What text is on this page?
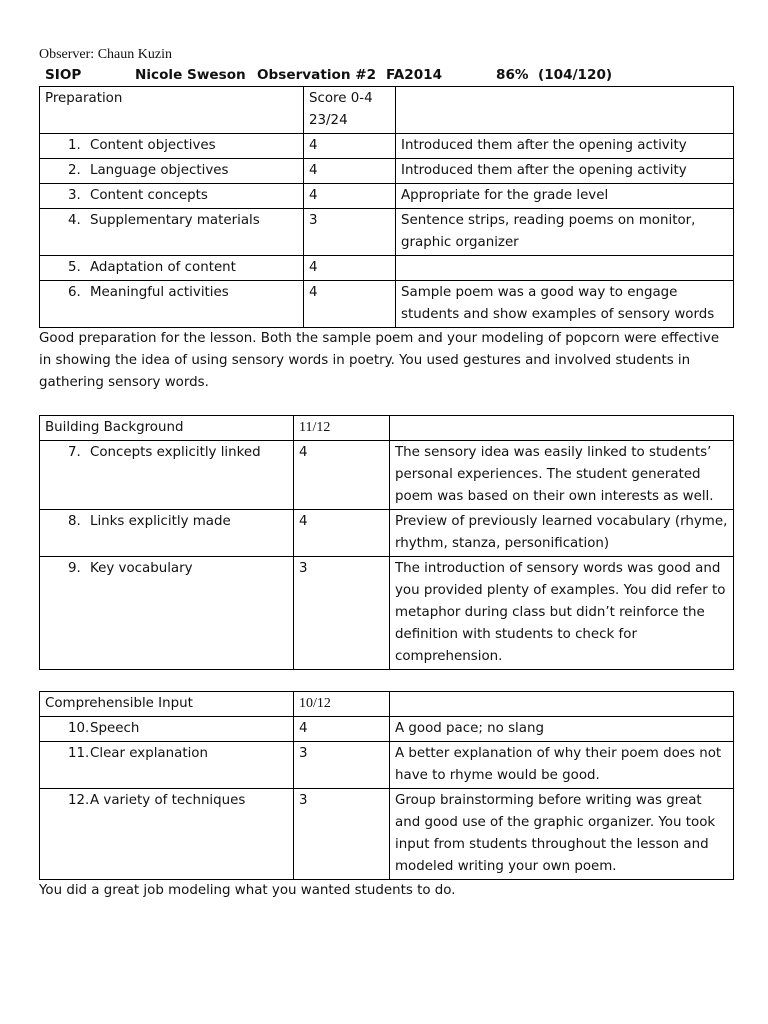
Observer: Chaun Kuzin
SIOP	Nicole Sweson Observation #2 FA2014	86%  (104/120)
Preparation	Score 0-4
23/24	

1. Content objectives	4	Introduced them after the opening activity
2. Language objectives	4	Introduced them after the opening activity
3. Content concepts	4	Appropriate for the grade level
4. Supplementary materials	3	Sentence strips, reading poems on monitor, graphic organizer
5. Adaptation of content	4	
6. Meaningful activities	4	Sample poem was a good way to engage students and show examples of sensory words

Good preparation for the lesson. Both the sample poem and your modeling of popcorn were effective in showing the idea of using sensory words in poetry. You used gestures and involved students in gathering sensory words.

Building Background	11/12	
7. Concepts explicitly linked	4	The sensory idea was easily linked to students’ personal experiences. The student generated poem was based on their own interests as well.
8. Links explicitly made	4	Preview of previously learned vocabulary (rhyme, rhythm, stanza, personification)
9. Key vocabulary	3	The introduction of sensory words was good and you provided plenty of examples. You did refer to metaphor during class but didn’t reinforce the definition with students to check for comprehension.
Comprehensible Input	10/12	
10.Speech	4	A good pace; no slang
11.Clear explanation	3	A better explanation of why their poem does not have to rhyme would be good.
12.A variety of techniques	3	Group brainstorming before writing was great and good use of the graphic organizer. You took input from students throughout the lesson and modeled writing your own poem.

You did a great job modeling what you wanted students to do.
